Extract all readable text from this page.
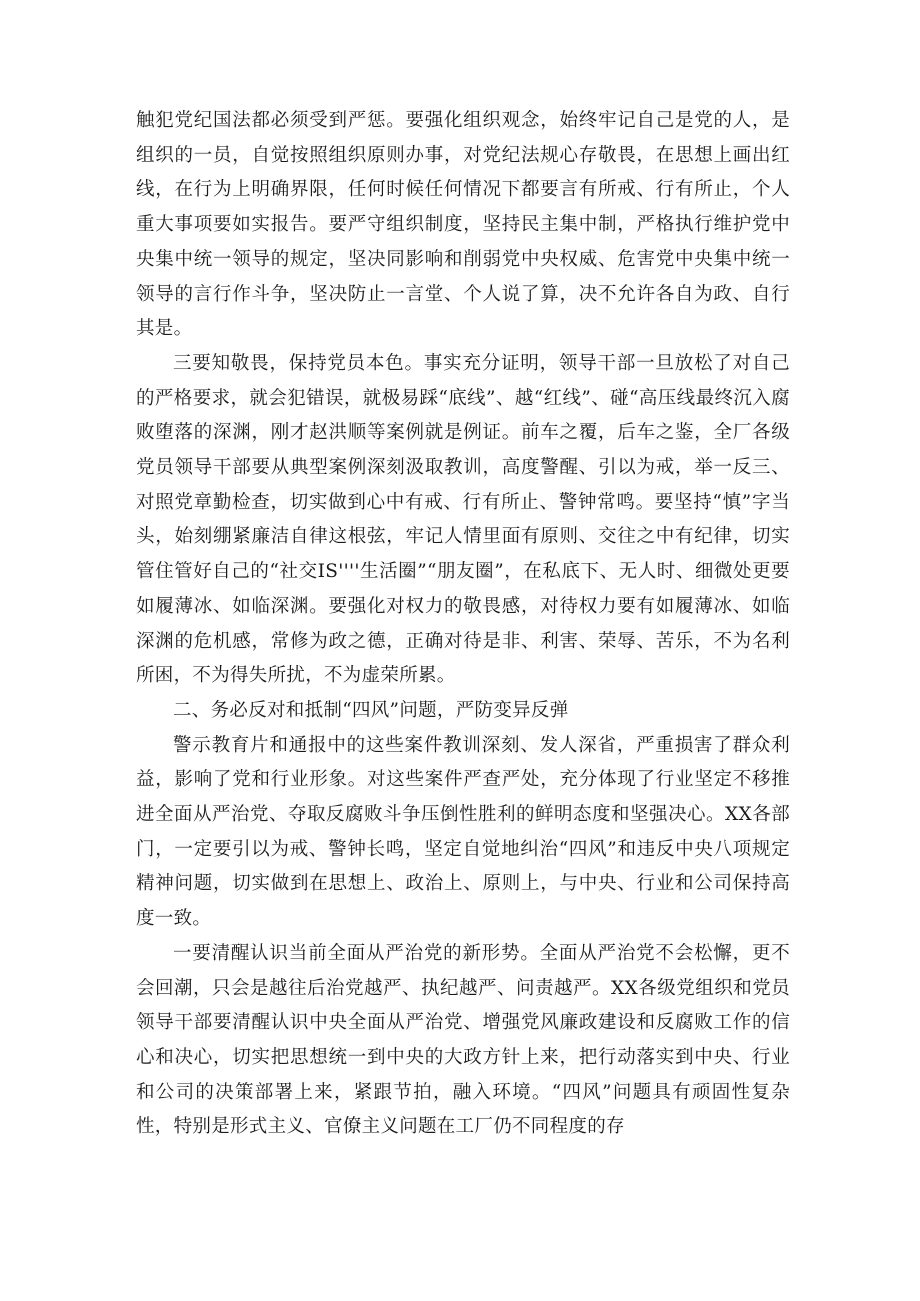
触犯党纪国法都必须受到严惩。要强化组织观念，始终牢记自己是党的人，是组织的一员，自觉按照组织原则办事，对党纪法规心存敬畏，在思想上画出红线，在行为上明确界限，任何时候任何情况下都要言有所戒、行有所止，个人重大事项要如实报告。要严守组织制度，坚持民主集中制，严格执行维护党中央集中统一领导的规定，坚决同影响和削弱党中央权威、危害党中央集中统一领导的言行作斗争，坚决防止一言堂、个人说了算，决不允许各自为政、自行其是。

三要知敬畏，保持党员本色。事实充分证明，领导干部一旦放松了对自己的严格要求，就会犯错误，就极易踩“底线”、越“红线”、碰“高压线最终沉入腐败堕落的深渊，刚才赵洪顺等案例就是例证。前车之覆，后车之鉴，全厂各级党员领导干部要从典型案例深刻汲取教训，高度警醒、引以为戒，举一反三、对照党章勤检查，切实做到心中有戒、行有所止、警钟常鸣。要坚持“慎”字当头，始刻绷紧廉洁自律这根弦，牢记人情里面有原则、交往之中有纪律，切实管住管好自己的“社交IS''''生活圈”“朋友圈”，在私底下、无人时、细微处更要如履薄冰、如临深渊。要强化对权力的敬畏感，对待权力要有如履薄冰、如临深渊的危机感，常修为政之德，正确对待是非、利害、荣辱、苦乐，不为名利所困，不为得失所扰，不为虚荣所累。

二、务必反对和抵制“四风”问题，严防变异反弹

警示教育片和通报中的这些案件教训深刻、发人深省，严重损害了群众利益，影响了党和行业形象。对这些案件严查严处，充分体现了行业坚定不移推进全面从严治党、夺取反腐败斗争压倒性胜利的鲜明态度和坚强决心。XX各部门，一定要引以为戒、警钟长鸣，坚定自觉地纠治“四风”和违反中央八项规定精神问题，切实做到在思想上、政治上、原则上，与中央、行业和公司保持高度一致。

一要清醒认识当前全面从严治党的新形势。全面从严治党不会松懈，更不会回潮，只会是越往后治党越严、执纪越严、问责越严。XX各级党组织和党员领导干部要清醒认识中央全面从严治党、增强党风廉政建设和反腐败工作的信心和决心，切实把思想统一到中央的大政方针上来，把行动落实到中央、行业和公司的决策部署上来，紧跟节拍，融入环境。“四风”问题具有顽固性复杂性，特别是形式主义、官僚主义问题在工厂仍不同程度的存
